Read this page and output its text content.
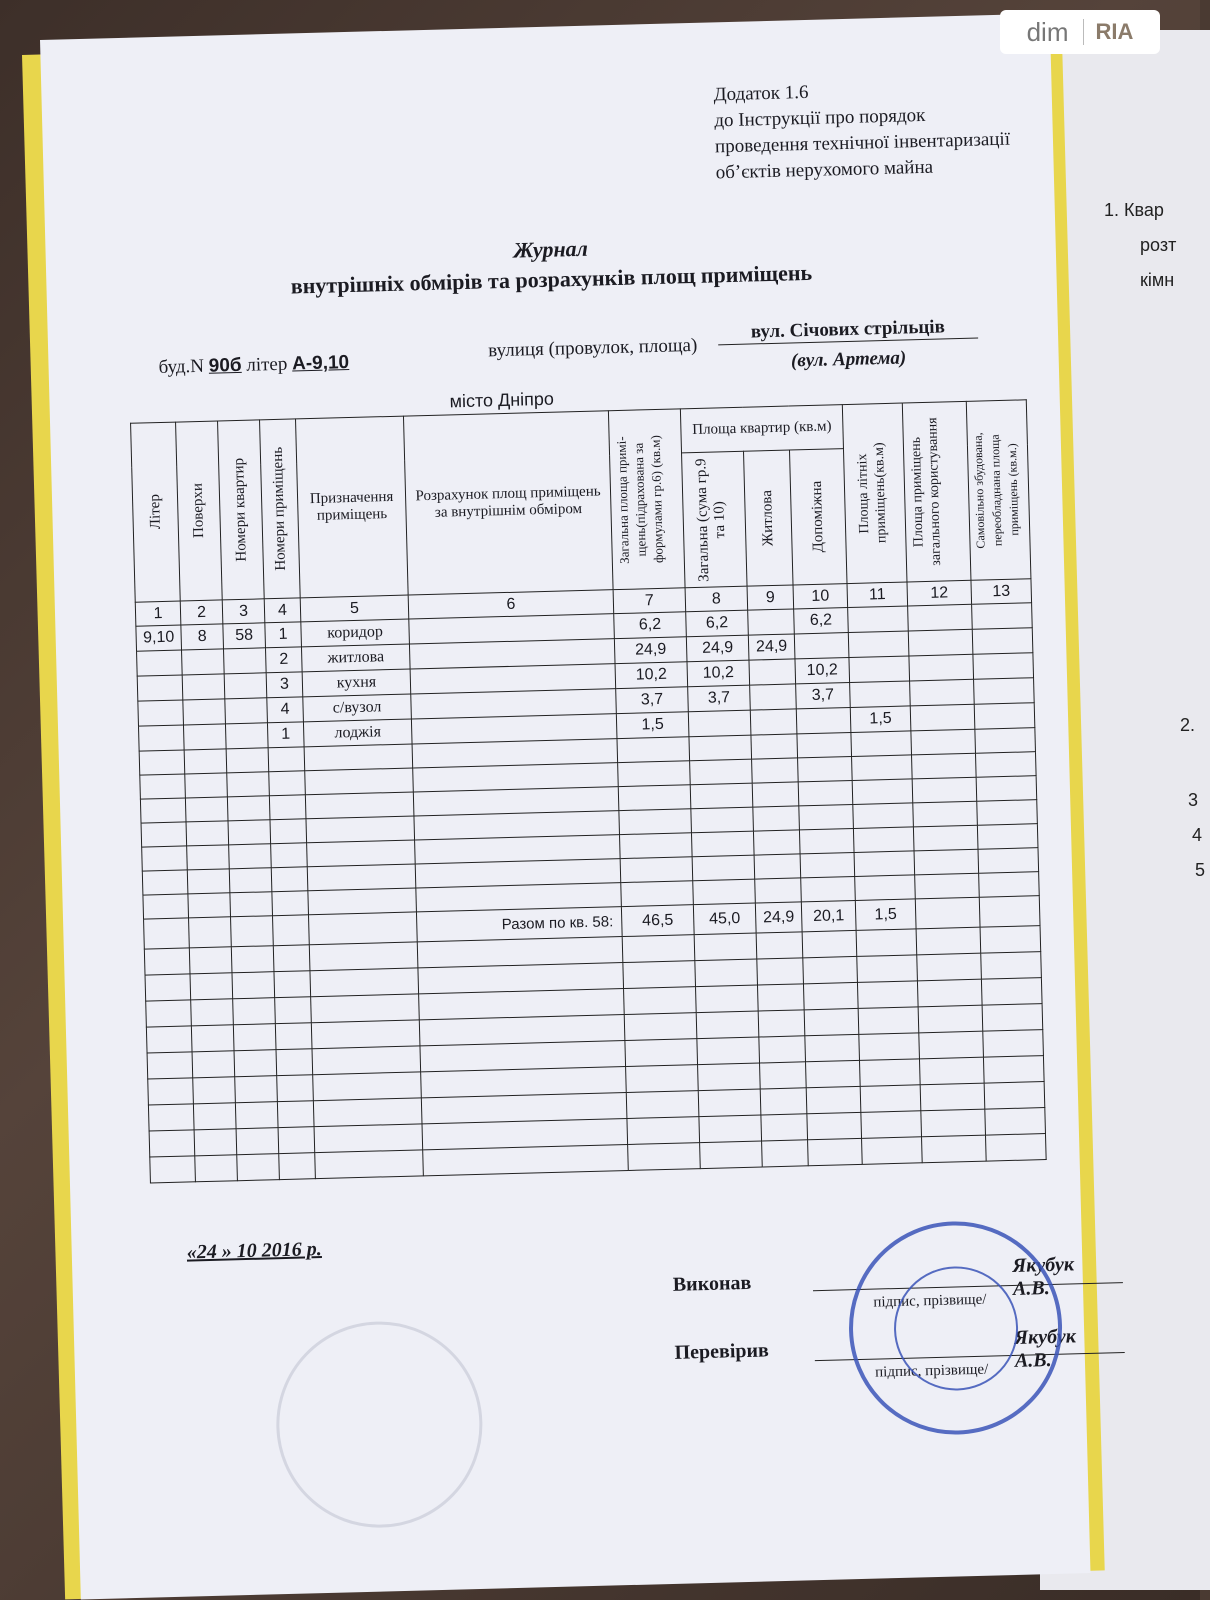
1. Квар
розт
кімн
2.
3
4
5
Додаток 1.6
до Інструкції про порядок
проведення технічної інвентаризації
об’єктів нерухомого майна
Журнал
внутрішніх обмірів та розрахунків площ приміщень
буд.N 90б літер А-9,10
вулиця (провулок, площа)
вул. Січових стрільців
(вул. Артема)
місто Дніпро
Літер	Поверхи	Номери квартир	Номери приміщень	Призначення приміщень	Розрахунок площ приміщень за внутрішнім обміром	Загальна площа примі- щень(підрахована за формулами гр.6) (кв.м)	Площа квартир (кв.м)			Площа літніх приміщень(кв.м)	Площа приміщень загального користування	Самовільно збудована, переобладнана площа приміщень (кв.м.)

							Загальна (сума гр.9 та 10)	Житлова	Допоміжна			

1	2	3	4	5	6	7	8	9	10	11	12	13
9,10	8	58	1	коридор		6,2	6,2		6,2			
			2	житлова		24,9	24,9	24,9				
			3	кухня		10,2	10,2		10,2			
			4	с/вузол		3,7	3,7		3,7			
			1	лоджія		1,5				1,5		

					Разом по кв. 58:	46,5	45,0	24,9	20,1	1,5		

«24 » 10 2016 р.
Виконав
Якубук А.В.
підпис, прізвище/
Перевірив
Якубук А.В.
підпис, прізвище/
dim	RIA
